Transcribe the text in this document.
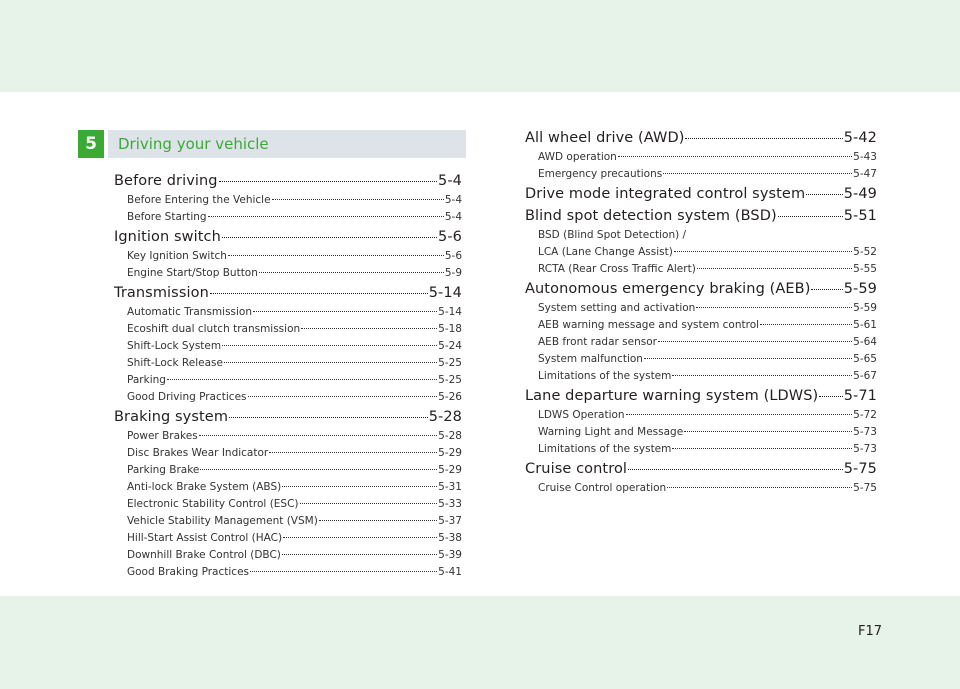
5	Driving your vehicle
Before driving	5-4
Before Entering the Vehicle	5-4
Before Starting	5-4
Ignition switch	5-6
Key Ignition Switch	5-6
Engine Start/Stop Button	5-9
Transmission	5-14
Automatic Transmission	5-14
Ecoshift dual clutch transmission	5-18
Shift-Lock System	5-24
Shift-Lock Release	5-25
Parking	5-25
Good Driving Practices	5-26
Braking system	5-28
Power Brakes	5-28
Disc Brakes Wear Indicator	5-29
Parking Brake	5-29
Anti-lock Brake System (ABS)	5-31
Electronic Stability Control (ESC)	5-33
Vehicle Stability Management (VSM)	5-37
Hill-Start Assist Control (HAC)	5-38
Downhill Brake Control (DBC)	5-39
Good Braking Practices	5-41
All wheel drive (AWD)	5-42
AWD operation	5-43
Emergency precautions	5-47
Drive mode integrated control system	5-49
Blind spot detection system (BSD)	5-51
BSD (Blind Spot Detection) /
LCA (Lane Change Assist)	5-52
RCTA (Rear Cross Traffic Alert)	5-55
Autonomous emergency braking (AEB) 5-59
System setting and activation	5-59
AEB warning message and system control	5-61
AEB front radar sensor	5-64
System malfunction	5-65
Limitations of the system	5-67
Lane departure warning system (LDWS) 5-71
LDWS Operation	5-72
Warning Light and Message	5-73
Limitations of the system	5-73
Cruise control	5-75
Cruise Control operation	5-75
F17
